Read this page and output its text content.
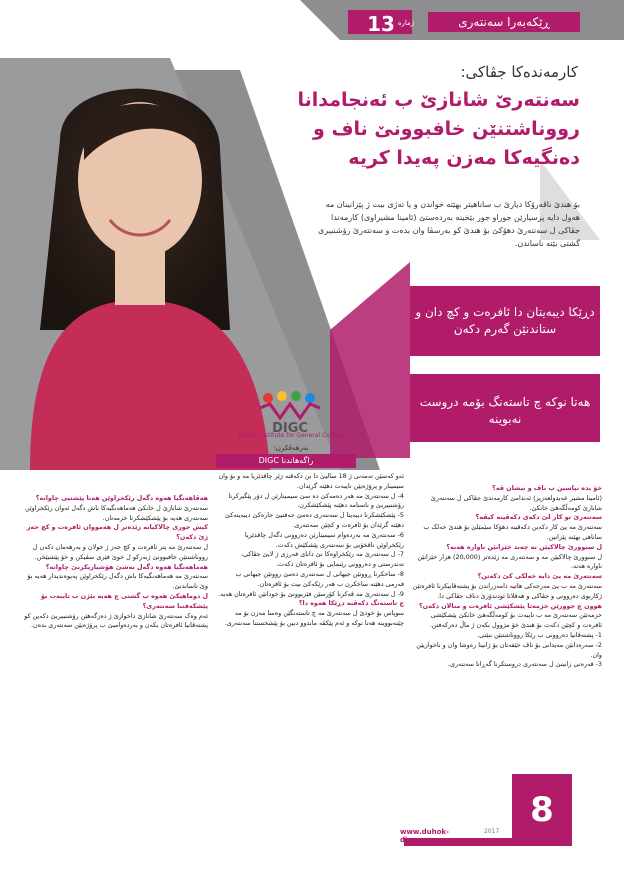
13 ژمارە	ڕێکەبەرا سەنتەری
کارمەندەکا جڤاکی:
سەنتەرێ شانازێ ب ئەنجامدانا رووناشتنێن خافبوونێ ناف و دەنگیەکا مەزن پەیدا کریە
بۆ هندێ ناڤەرۆکا دیارێ ب ساناهیتر بهێتە خواندن و یا تەژی بیت ژ پێزانینان مە هەول دایە پرسیارێن جوراو جور بێخینە بەردەستێ (ئامینا مشیراوی) کارمەندا جڤاکی ل سەنتەرێ دهۆکێ بۆ هندێ کو بەرسڤا وان بدەت و سەنتەرێ رۆشنبیری گشتی بێتە ناساندن.
دڕێکا دیبەیتان دا ئافرەت و کچ دان و ستاندنێن گەرم دکەن
هەتا نوکە چ تاستەنگ بۆمە دروست نەبوینە
DIGC
Duhok Institute for General Culture
بەرهەڤکرن:
راگەهاندنا DIGC
خۆ بدە نیاسین ب ناڤ و نیشان ڤە؟
(ئامینا مشیر عەبدولعەزیز) ئەندامێ کارمەندێ جڤاکی ل سەنتەرێ شانازێ کومەڵگەهێ خانکێ.
سەنتەرێ تو کار لێ دکەی دکەڤیتە کیڤە؟
سەنتەرێ مە یێ کار دکەین دکەڤیتە دهۆکا سێمێلێ بۆ هندێ خەلک ب ساناهی بهێنە پێزانین.
ل سنوورێ چالاکیێن تە چەند خێزانێن ناوارە هەنە؟
ل سنوورێ چالاکیێن مە و سەنتەری مە زێدەتر (20,000) هزار خێزانێن ناوارە هەنە.
سەنتەرێ مە یێ دایە خەلکی کێ دکەتن؟
سەنتەرێ مە ب یێ مەرجەکی هاتیە دامەزراندن بۆ پشتەڤانیکرنا ئافرەتێن ژکاربوی دەروونی و جڤاکی و هەڤلاتا ئودندۆزێ دناڤ جڤاکی دا.
هوون چ جوورێن خزمەتا پێشکێشی ئافرەت و منالان دکەن؟
خزمەتێن سەنتەرێ مە ب تایبەت بۆ کومەڵگەهێ خانکێ پێشکێشی ئافرەت و کچێن دکەت بۆ هندێ خۆ مژوول بکەن ژ ماڵ دەرکەفتن.
1- پشتەڤانیا دەروونی ب رێکا رووناشتنێن بنێتی.
2- سەرەدانێن مەیدانی بۆ ناڤ خێفەتان بۆ ژانینا رەوشا وان و ناخوازیێن وان.
3- قەرەنی زانینێ ل سەنتەری دروستکرنا گەڕانا سەنتەری.
ئەو کەسێن تەمەنی ژ 18 سالیێ دا بن دکەڤنە ژێر چاڤدێریا مە و بۆ وان سیمینار و پرۆژەیێن تایبەت دهێنە گرێدان.
4- ل سەنتەرێ مە هەر دەمەکێ دە سێ سیمینارێن ل دۆر پێگیرکرنا رۆشنبیریێ و ناسنامە دهێنە پێشکێشکرن.
5- پێشکێشکرنا دیبەیتا ل سەنتەری دەمێ حەفتیێ جارەکێ دیبەیتەکێ دهێتە گرێدان بۆ ئافرەت و کچێن سەنتەری.
6- سەنتەرێ مە بەردەوام سیمینارێن دەروونی دگەل چاڤدێریا رێکخراوێن ناڤخۆیی بۆ سەنتەری پێشکێش دکەت.
7- ل سەنتەرێ مە رێکخراوەکا نێ دانای فەرزی ژ لایێ جڤاکی، تەندرستی و دەروونی رێنمایی بۆ ئافرەتان دکەت.
8- ساخکرنا ڕووتێن جیهانی ل سەنتەری دەمێ رووتێن جیهانی ب فەرمی دهێنە ساخکرن ب هەر رێکەکێ بیت بۆ ئافرەتان.
9- ل سەنتەرێ مە ڤەکرنا کۆرسێن فێربوونێ بۆ خودانێن ئافرەتان هەیە.
چ تاستەنگ دکەڤنە دڕێکا هەوە دا؟
سوپاس بۆ خودێ ل سەنتەرێ مە چ تاستەنگێن وەسا مەزن بۆ مە چێنەبووینە هەتا نوکە و ئەم پێکڤە ماندوو دبین بۆ پێشخستنا سەنتەری.
هەڤاهەنگیا هەوە دگەل رێکخراوێن هەتا پێشنیی چاوانە؟
سەنتەرێ شانازێ ل خانکێ هەماهەنگیەکا باش دگەل ئەوان رێکخراوێن سەنتەری هەیە بۆ پێشکێشکرنا خزمەتان.
کیش جوری چالاکیانە زێدەتر ل هەمووان ئافرەت و کچ حەز ژێ دکەن؟
ل سەنتەرێ مە پتر ئافرەت و کچ حەز ژ خولان و بەرهەمان دکەن ل رووناشتنێن خافبوونێ ژبەرکو ل خوێ فێری سڤیکن و خۆ پێشبێخن.
هەماهەنگیا هەوە دگەل بەشێ هۆشیاریکرنێ چاوانە؟
سەنتەرێ مە هەماهەنگیەکا باش دگەل رێکخراوێن پەیوەندیدار هەیە بۆ وێ ناساندنێ.
ل دوماهیکێ هەوە ب گشتی چ هەیە بێژن ب تایبەت بۆ پێشکەفتنا سەنتەری؟
ئەم وەک سەنتەرێ شانازێ داخوازێ ژ دەزگەهێن رۆشنبیریێ دکەین کو پشتەڤانیا ئافرەتان بکەن و بەردەوامیێ ب پرۆژەیێن سەنتەری بدەن.
www.duhok-digc.org
2017
8
